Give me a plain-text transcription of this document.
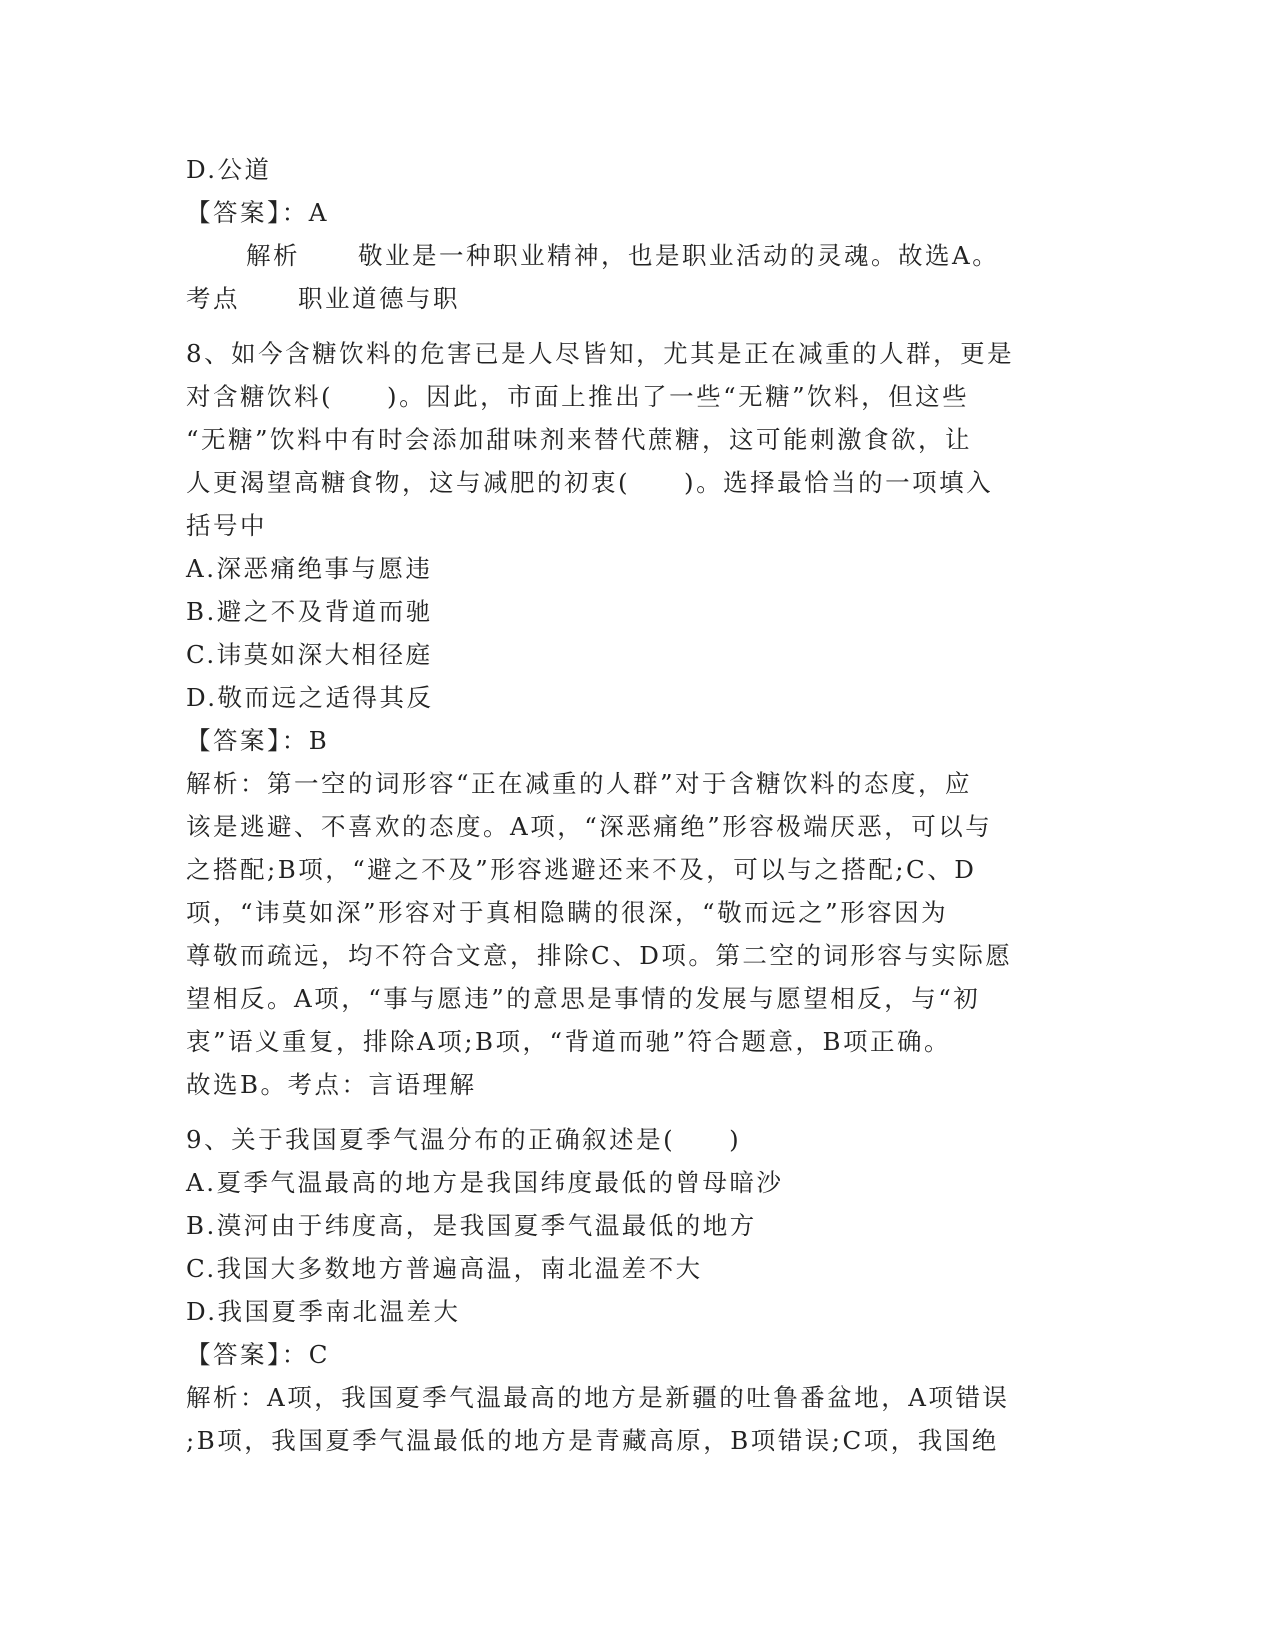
D.公道
【答案】：A
解析 敬业是一种职业精神，也是职业活动的灵魂。故选A。
考点 职业道德与职
8、如今含糖饮料的危害已是人尽皆知，尤其是正在减重的人群，更是
对含糖饮料(　　)。因此，市面上推出了一些“无糖”饮料，但这些
“无糖”饮料中有时会添加甜味剂来替代蔗糖，这可能刺激食欲，让
人更渴望高糖食物，这与减肥的初衷(　　)。选择最恰当的一项填入
括号中
A.深恶痛绝事与愿违
B.避之不及背道而驰
C.讳莫如深大相径庭
D.敬而远之适得其反
【答案】：B
解析：第一空的词形容“正在减重的人群”对于含糖饮料的态度，应
该是逃避、不喜欢的态度。A项，“深恶痛绝”形容极端厌恶，可以与
之搭配;B项，“避之不及”形容逃避还来不及，可以与之搭配;C、D
项，“讳莫如深”形容对于真相隐瞒的很深，“敬而远之”形容因为
尊敬而疏远，均不符合文意，排除C、D项。第二空的词形容与实际愿
望相反。A项，“事与愿违”的意思是事情的发展与愿望相反，与“初
衷”语义重复，排除A项;B项，“背道而驰”符合题意，B项正确。
故选B。考点：言语理解
9、关于我国夏季气温分布的正确叙述是(　　)
A.夏季气温最高的地方是我国纬度最低的曾母暗沙
B.漠河由于纬度高，是我国夏季气温最低的地方
C.我国大多数地方普遍高温，南北温差不大
D.我国夏季南北温差大
【答案】：C
解析：A项，我国夏季气温最高的地方是新疆的吐鲁番盆地，A项错误
;B项，我国夏季气温最低的地方是青藏高原，B项错误;C项，我国绝
